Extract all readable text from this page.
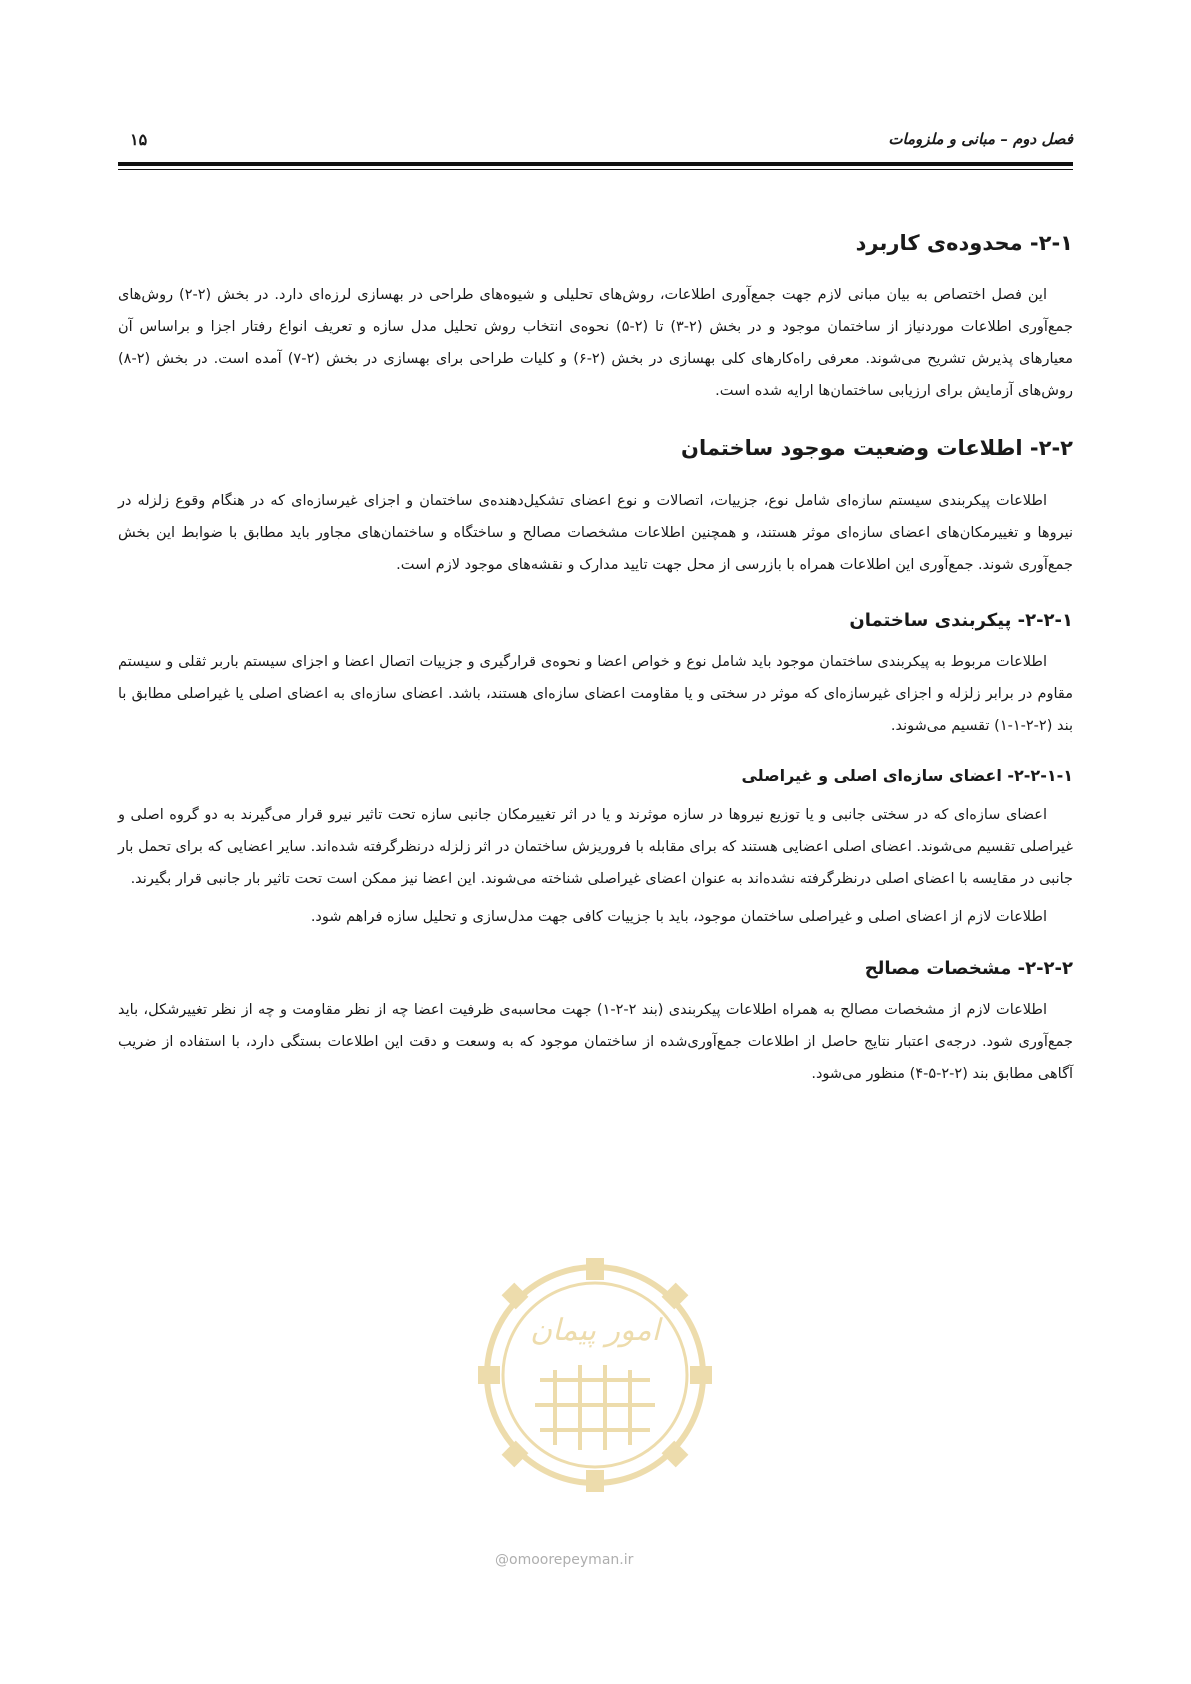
فصل دوم – مبانی و ملزومات
۱۵
۲-۱- محدوده‌ی کاربرد

این فصل اختصاص به بیان مبانی لازم جهت جمع‌آوری اطلاعات، روش‌های تحلیلی و شیوه‌های طراحی در بهسازی لرزه‌ای دارد. در بخش (۲-۲) روش‌های جمع‌آوری اطلاعات موردنیاز از ساختمان موجود و در بخش (۲-۳) تا (۲-۵) نحوه‌ی انتخاب روش تحلیل مدل سازه و تعریف انواع رفتار اجزا و براساس آن معیارهای پذیرش تشریح می‌شوند. معرفی راه‌کارهای کلی بهسازی در بخش (۲-۶) و کلیات طراحی برای بهسازی در بخش (۲-۷) آمده است. در بخش (۲-۸) روش‌های آزمایش برای ارزیابی ساختمان‌ها ارایه شده است.

۲-۲- اطلاعات وضعیت موجود ساختمان

اطلاعات پیکربندی سیستم سازه‌ای شامل نوع، جزییات، اتصالات و نوع اعضای تشکیل‌دهنده‌ی ساختمان و اجزای غیرسازه‌ای که در هنگام وقوع زلزله در نیروها و تغییرمکان‌های اعضای سازه‌ای موثر هستند، و همچنین اطلاعات مشخصات مصالح و ساختگاه و ساختمان‌های مجاور باید مطابق با ضوابط این بخش جمع‌آوری شوند. جمع‌آوری این اطلاعات همراه با بازرسی از محل جهت تایید مدارک و نقشه‌های موجود لازم است.

۲-۲-۱- پیکربندی ساختمان

اطلاعات مربوط به پیکربندی ساختمان موجود باید شامل نوع و خواص اعضا و نحوه‌ی قرارگیری و جزییات اتصال اعضا و اجزای سیستم باربر ثقلی و سیستم مقاوم در برابر زلزله و اجزای غیرسازه‌ای که موثر در سختی و یا مقاومت اعضای سازه‌ای هستند، باشد. اعضای سازه‌ای به اعضای اصلی یا غیراصلی مطابق با بند (۲-۲-۱-۱) تقسیم می‌شوند.

۲-۲-۱-۱- اعضای سازه‌ای اصلی و غیراصلی

اعضای سازه‌ای که در سختی جانبی و یا توزیع نیروها در سازه موثرند و یا در اثر تغییرمکان جانبی سازه تحت تاثیر نیرو قرار می‌گیرند به دو گروه اصلی و غیراصلی تقسیم می‌شوند. اعضای اصلی اعضایی هستند که برای مقابله با فروریزش ساختمان در اثر زلزله درنظرگرفته شده‌اند. سایر اعضایی که برای تحمل بار جانبی در مقایسه با اعضای اصلی درنظرگرفته نشده‌اند به عنوان اعضای غیراصلی شناخته می‌شوند. این اعضا نیز ممکن است تحت تاثیر بار جانبی قرار بگیرند.

اطلاعات لازم از اعضای اصلی و غیراصلی ساختمان موجود، باید با جزییات کافی جهت مدل‌سازی و تحلیل سازه فراهم شود.

۲-۲-۲- مشخصات مصالح

اطلاعات لازم از مشخصات مصالح به همراه اطلاعات پیکربندی (بند ۲-۲-۱) جهت محاسبه‌ی ظرفیت اعضا چه از نظر مقاومت و چه از نظر تغییرشکل، باید جمع‌آوری شود. درجه‌ی اعتبار نتایج حاصل از اطلاعات جمع‌آوری‌شده از ساختمان موجود که به وسعت و دقت این اطلاعات بستگی دارد، با استفاده از ضریب آگاهی مطابق بند (۲-۲-۵-۴) منظور می‌شود.

امور پیمان
@omoorepeyman.ir
